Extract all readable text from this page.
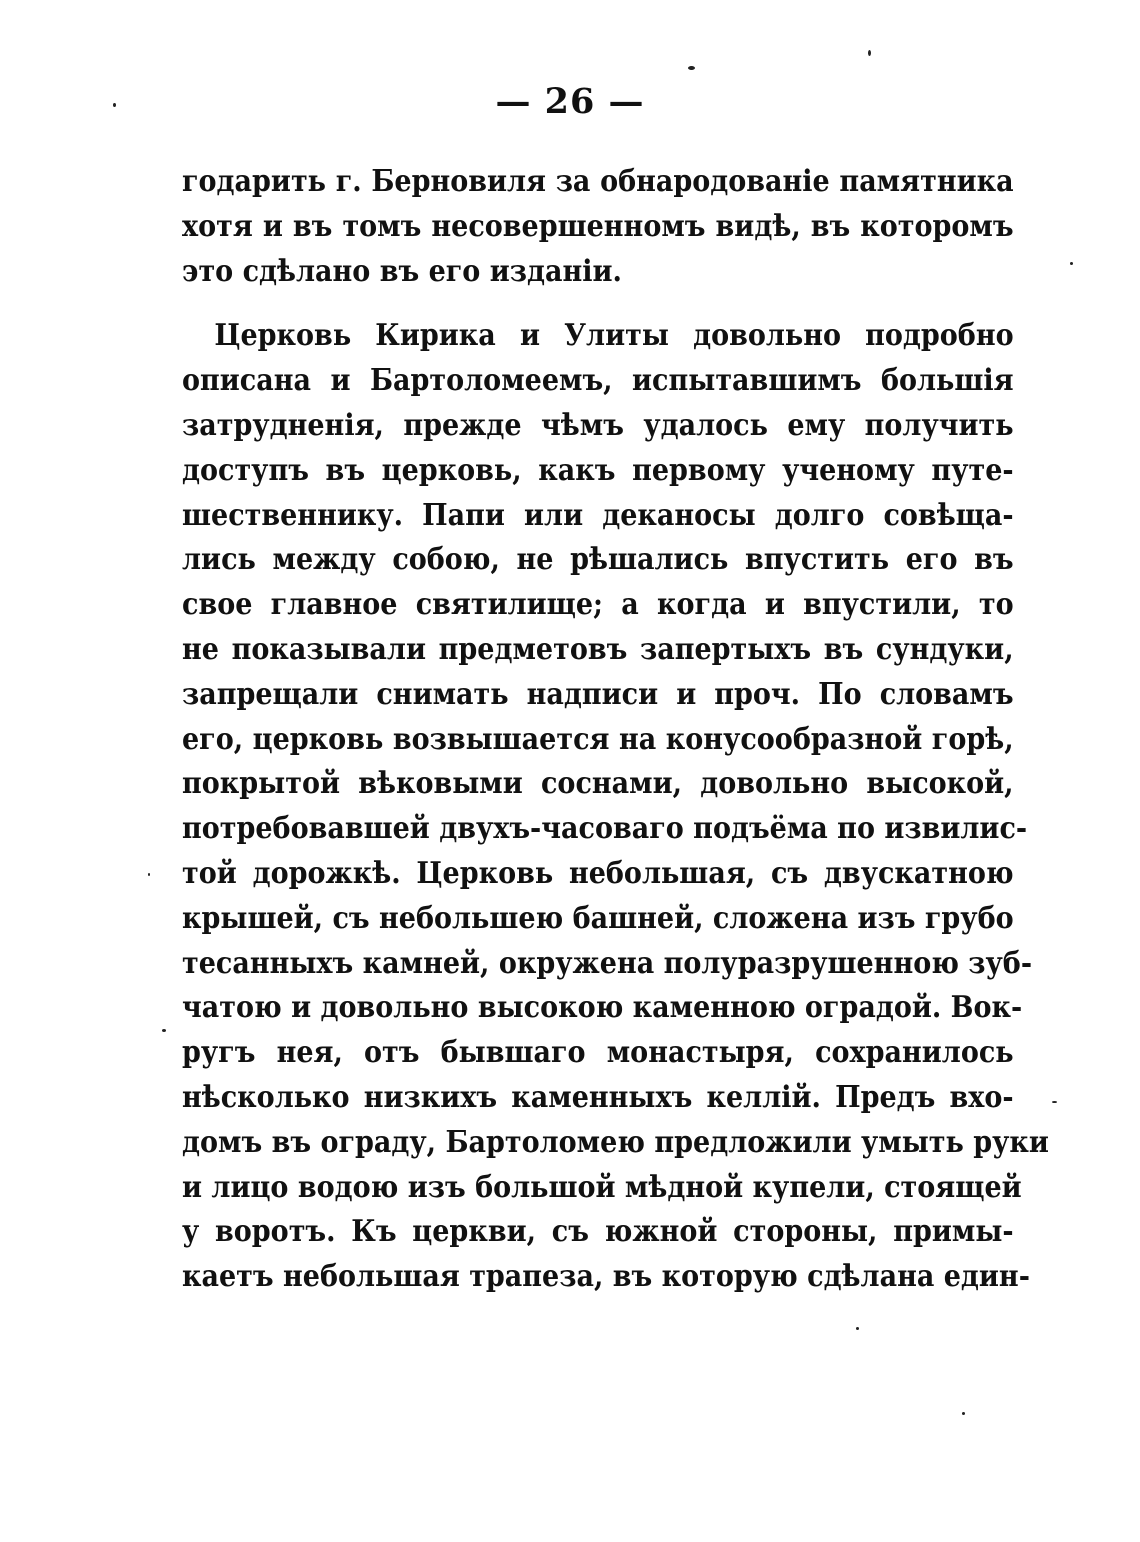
— 26 —
годарить г. Берновиля за обнародованіе памятника
хотя и въ томъ несовершенномъ видѣ, въ которомъ
это сдѣлано въ его изданіи.
Церковь Кирика и Улиты довольно подробно
описана и Бартоломеемъ, испытавшимъ большія
затрудненія, прежде чѣмъ удалось ему получить
доступъ въ церковь, какъ первому ученому путе-
шественнику. Папи или деканосы долго совѣща-
лись между собою, не рѣшались впустить его въ
свое главное святилище; а когда и впустили, то
не показывали предметовъ запертыхъ въ сундуки,
запрещали снимать надписи и проч. По словамъ
его, церковь возвышается на конусообразной горѣ,
покрытой вѣковыми соснами, довольно высокой,
потребовавшей двухъ-часоваго подъёма по извилис-
той дорожкѣ. Церковь небольшая, съ двускатною
крышей, съ небольшею башней, сложена изъ грубо
тесанныхъ камней, окружена полуразрушенною зуб-
чатою и довольно высокою каменною оградой. Вок-
ругъ нея, отъ бывшаго монастыря, сохранилось
нѣсколько низкихъ каменныхъ келлій. Предъ вхо-
домъ въ ограду, Бартоломею предложили умыть руки
и лицо водою изъ большой мѣдной купели, стоящей
у воротъ. Къ церкви, съ южной стороны, примы-
каетъ небольшая трапеза, въ которую сдѣлана един-
